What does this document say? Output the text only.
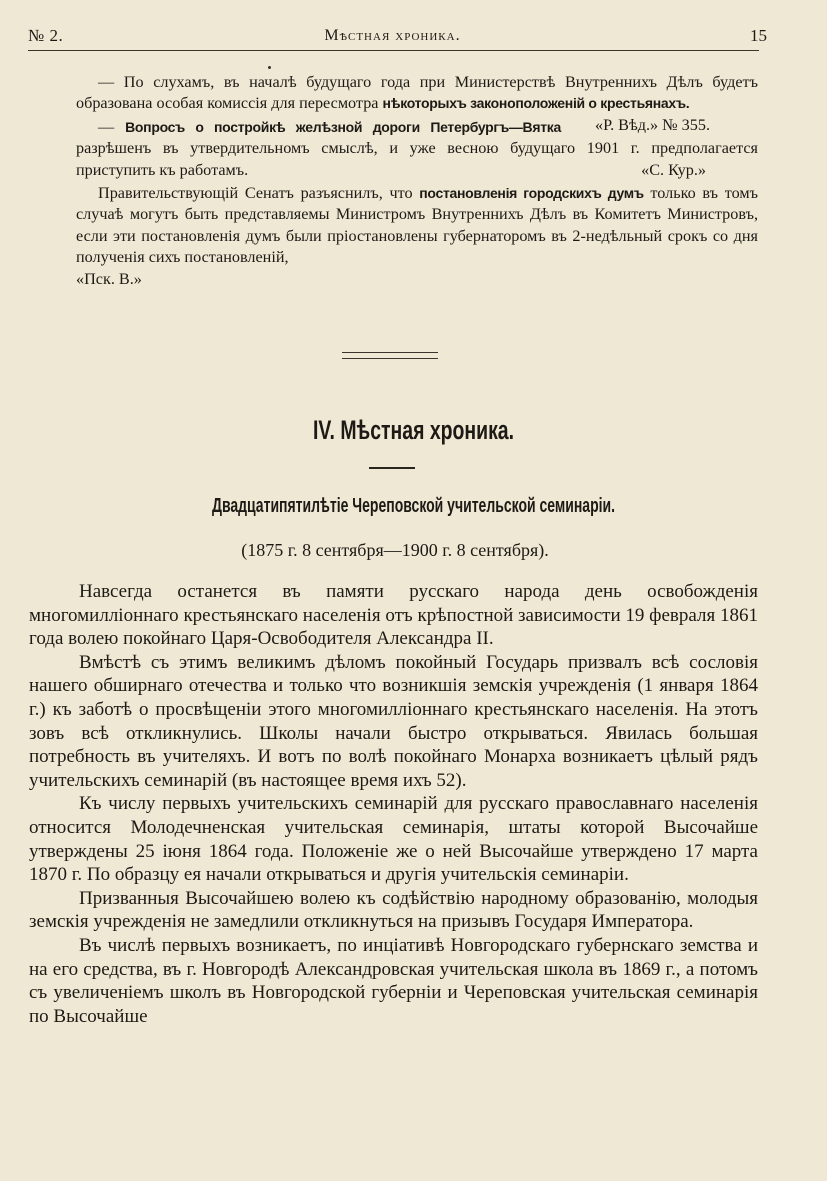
№ 2.	Мѣстная хроника.	15

— По слухамъ, въ началѣ будущаго года при Министерствѣ Внутреннихъ Дѣлъ будетъ образована особая комиссія для пересмотра нѣкоторыхъ законоположеній о крестьянахъ.
«Р. Вѣд.» № 355.

— Вопросъ о постройкѣ желѣзной дороги Петербургъ—Вятка разрѣшенъ въ утвердительномъ смыслѣ, и уже весною будущаго 1901 г. предполагается приступить къ работамъ.	«С. Кур.»

Правительствующій Сенатъ разъяснилъ, что постановленія городскихъ думъ только въ томъ случаѣ могутъ быть представляемы Министромъ Внутреннихъ Дѣлъ въ Комитетъ Министровъ, если эти постановленія думъ были пріостановлены губернаторомъ въ 2-недѣльный срокъ со дня полученія сихъ постановленій,

«Пск. В.»

IV. Мѣстная хроника.
Двадцатипятилѣтіе Череповской учительской семинаріи.
(1875 г. 8 сентября—1900 г. 8 сентября).

Навсегда останется въ памяти русскаго народа день освобожденія многомилліоннаго крестьянскаго населенія отъ крѣпостной зависимости 19 февраля 1861 года волею покойнаго Царя-Освободителя Александра II.

Вмѣстѣ съ этимъ великимъ дѣломъ покойный Государь призвалъ всѣ сословія нашего обширнаго отечества и только что возникшія земскія учрежденія (1 января 1864 г.) къ заботѣ о просвѣщеніи этого многомилліоннаго крестьянскаго населенія. На этотъ зовъ всѣ откликнулись. Школы начали быстро открываться. Явилась большая потребность въ учителяхъ. И вотъ по волѣ покойнаго Монарха возникаетъ цѣлый рядъ учительскихъ семинарій (въ настоящее время ихъ 52).

Къ числу первыхъ учительскихъ семинарій для русскаго православнаго населенія относится Молодечненская учительская семинарія, штаты которой Высочайше утверждены 25 іюня 1864 года. Положеніе же о ней Высочайше утверждено 17 марта 1870 г. По образцу ея начали открываться и другія учительскія семинаріи.

Призванныя Высочайшею волею къ содѣйствію народному образованію, молодыя земскія учрежденія не замедлили откликнуться на призывъ Государя Императора.

Въ числѣ первыхъ возникаетъ, по инціативѣ Новгородскаго губернскаго земства и на его средства, въ г. Новгородѣ Александровская учительская школа въ 1869 г., а потомъ съ увеличеніемъ школъ въ Новгородской губерніи и Череповская учительская семинарія по Высочайше
